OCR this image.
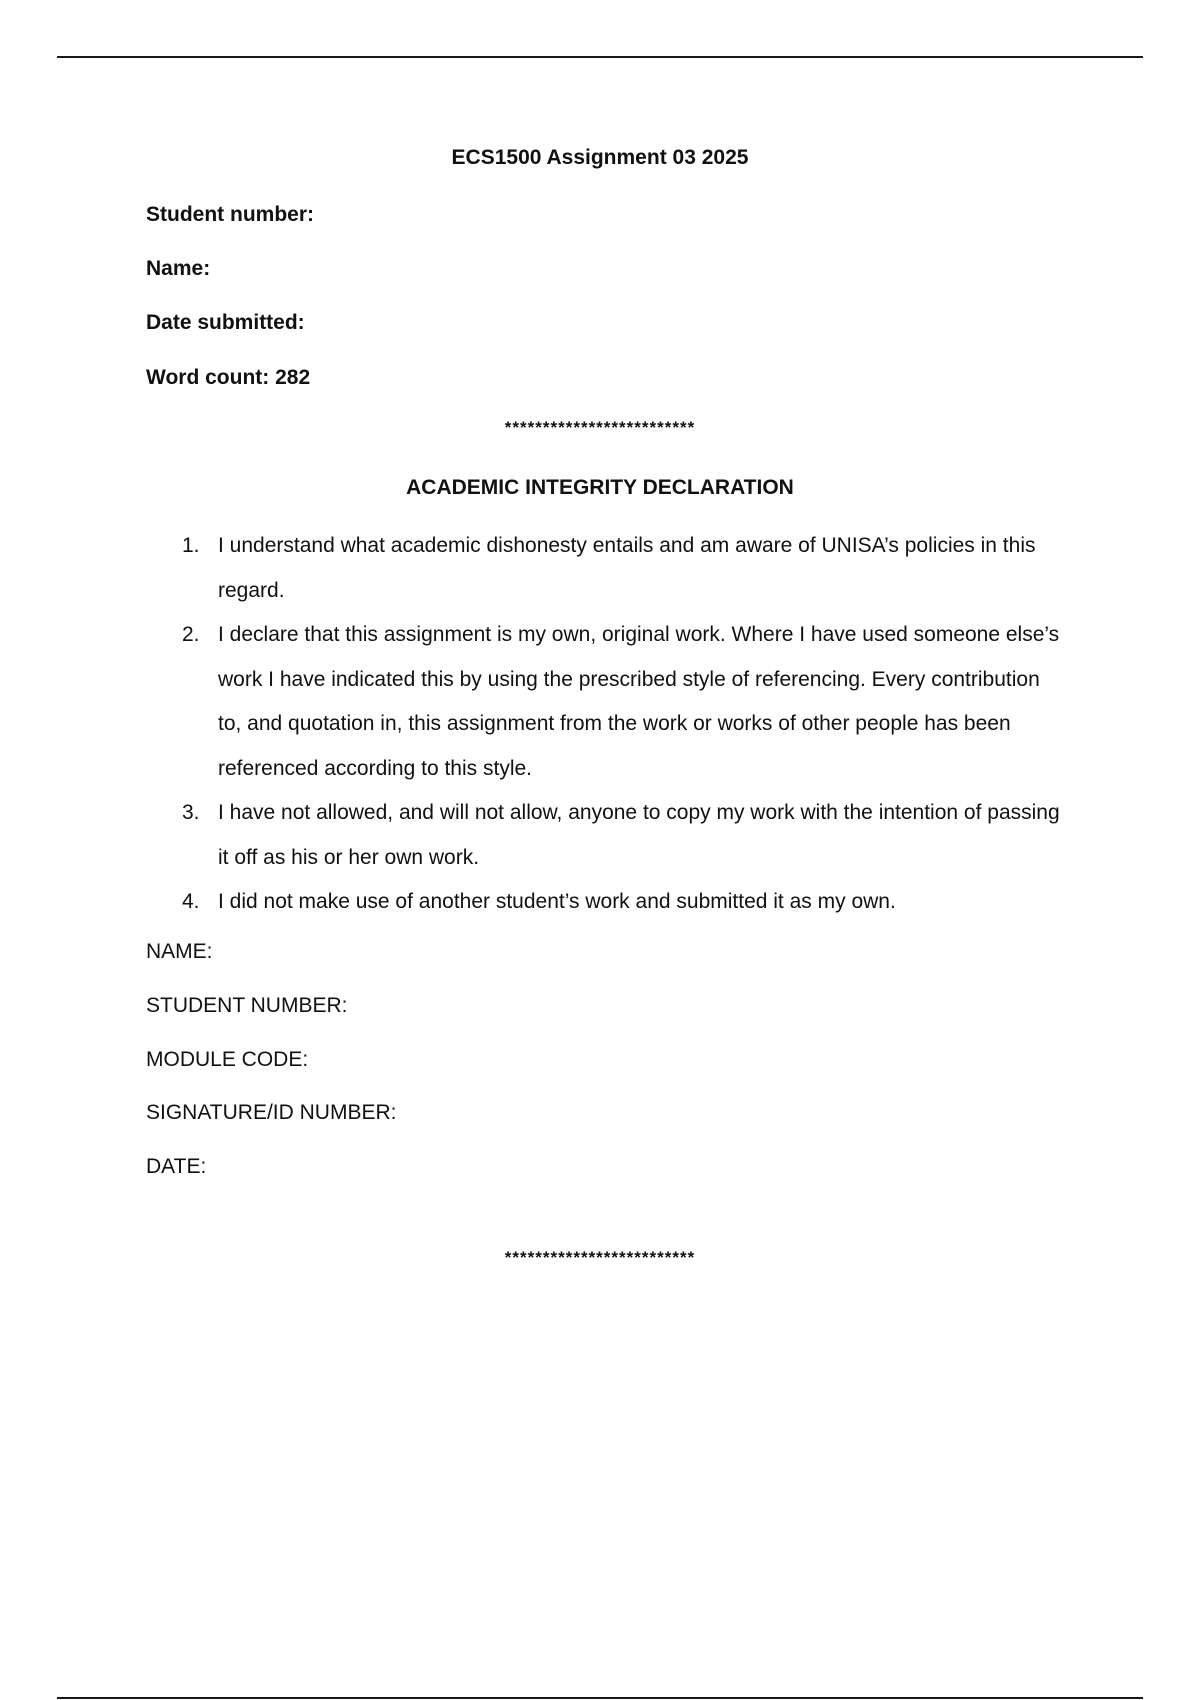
ECS1500 Assignment 03 2025
Student number:
Name:
Date submitted:
Word count: 282
*************************
ACADEMIC INTEGRITY DECLARATION
1. I understand what academic dishonesty entails and am aware of UNISA’s policies in this regard.
2. I declare that this assignment is my own, original work. Where I have used someone else’s work I have indicated this by using the prescribed style of referencing. Every contribution to, and quotation in, this assignment from the work or works of other people has been referenced according to this style.
3. I have not allowed, and will not allow, anyone to copy my work with the intention of passing it off as his or her own work.
4. I did not make use of another student’s work and submitted it as my own.
NAME:
STUDENT NUMBER:
MODULE CODE:
SIGNATURE/ID NUMBER:
DATE:
*************************
